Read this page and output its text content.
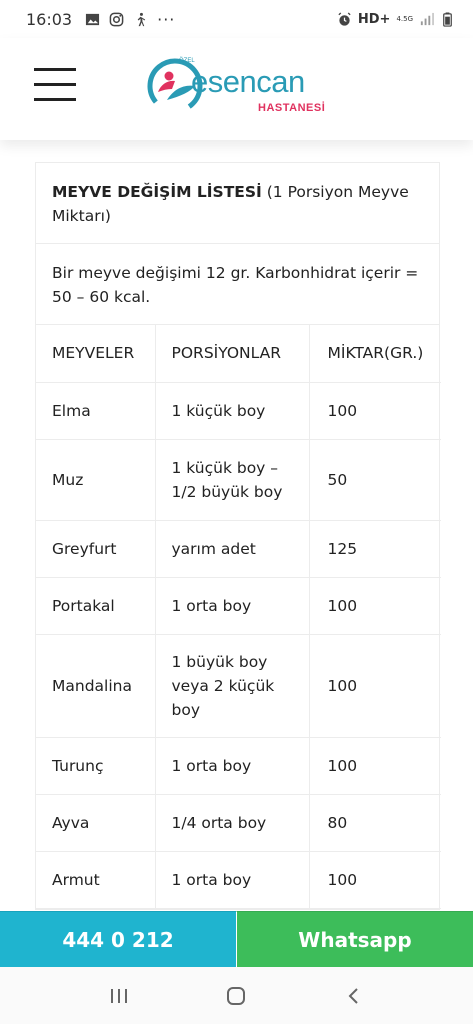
16:03	···	HD+ 4.5G
ÖZEL
esencan
HASTANESİ
MEYVE DEĞİŞİM LİSTESİ (1 Porsiyon Meyve Miktarı)
Bir meyve değişimi 12 gr. Karbonhidrat içerir = 50 – 60 kcal.
MEYVELER	PORSİYONLAR	MİKTAR(GR.)
Elma	1 küçük boy	100
Muz	1 küçük boy – 1/2 büyük boy	50
Greyfurt	yarım adet	125
Portakal	1 orta boy	100
Mandalina	1 büyük boy veya 2 küçük boy	100
Turunç	1 orta boy	100
Ayva	1/4 orta boy	80
Armut	1 orta boy	100
444 0 212	Whatsapp
